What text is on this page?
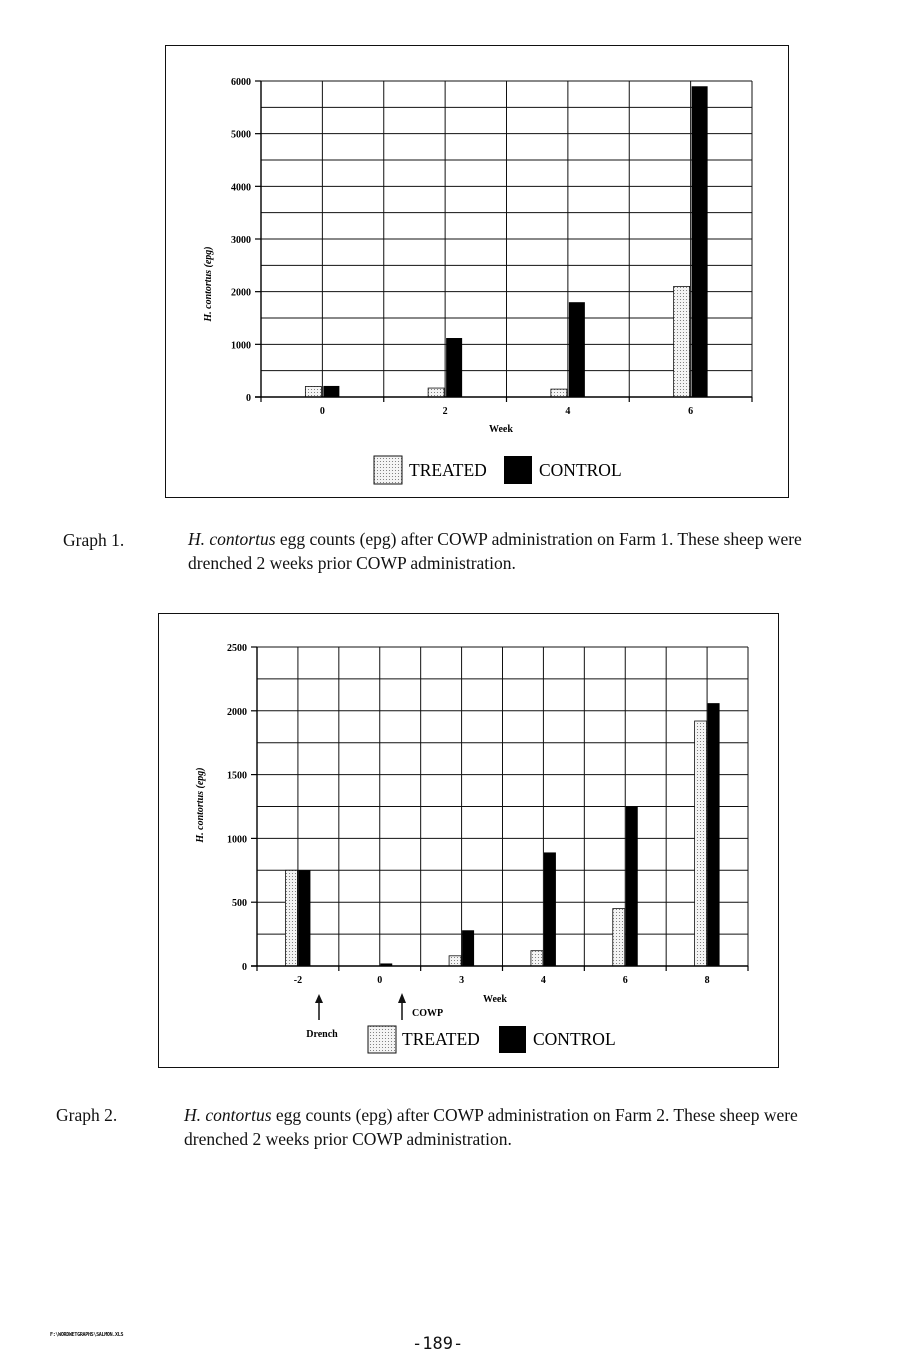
0
1000
2000
3000
4000
5000
6000
0	2	4	6
H. contortus (epg)
Week
TREATED	CONTROL
Graph 1.	H. contortus egg counts (epg) after COWP administration on Farm 1. These sheep were
drenched 2 weeks prior COWP administration.
0
500
1000
1500
2000
2500
-2	0	3	4	6	8
H. contortus (epg)
Week
Drench
COWP
TREATED	CONTROL
Graph 2.	H. contortus egg counts (epg) after COWP administration on Farm 2. These sheep were
drenched 2 weeks prior COWP administration.
F:\WORDWETGRAPHS\SALMON.XLS	-189-
